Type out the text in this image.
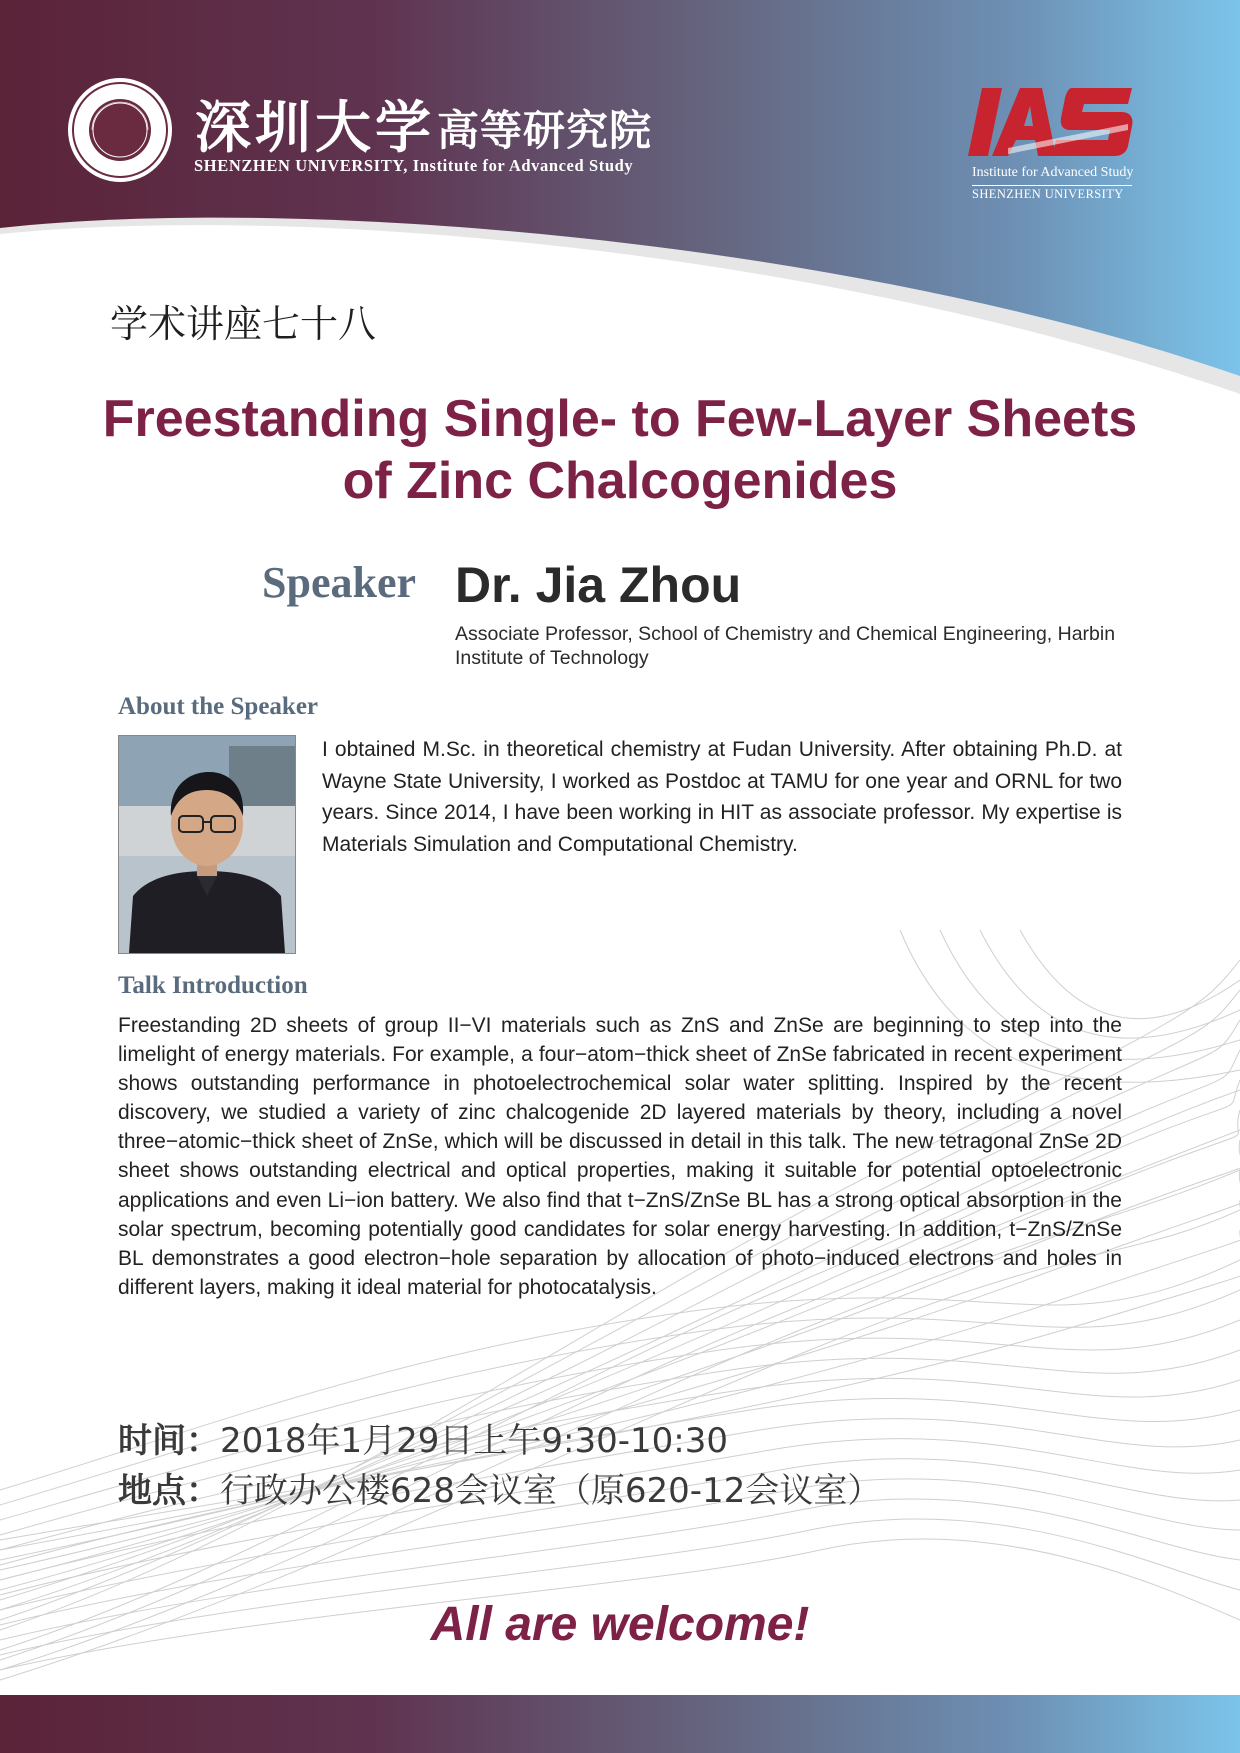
深圳大学 高等研究院
SHENZHEN UNIVERSITY, Institute for Advanced Study	Institute for Advanced Study
SHENZHEN UNIVERSITY
学术讲座七十八
Freestanding Single- to Few-Layer Sheets of Zinc Chalcogenides
Speaker Dr. Jia Zhou
Associate Professor, School of Chemistry and Chemical Engineering, Harbin Institute of Technology
About the Speaker
I obtained M.Sc. in theoretical chemistry at Fudan University. After obtaining Ph.D. at Wayne State University, I worked as Postdoc at TAMU for one year and ORNL for two years. Since 2014, I have been working in HIT as associate professor. My expertise is Materials Simulation and Computational Chemistry.
Talk Introduction
Freestanding 2D sheets of group II−VI materials such as ZnS and ZnSe are beginning to step into the limelight of energy materials. For example, a four−atom−thick sheet of ZnSe fabricated in recent experiment shows outstanding performance in photoelectrochemical solar water splitting. Inspired by the recent discovery, we studied a variety of zinc chalcogenide 2D layered materials by theory, including a novel three−atomic−thick sheet of ZnSe, which will be discussed in detail in this talk. The new tetragonal ZnSe 2D sheet shows outstanding electrical and optical properties, making it suitable for potential optoelectronic applications and even Li−ion battery. We also find that t−ZnS/ZnSe BL has a strong optical absorption in the solar spectrum, becoming potentially good candidates for solar energy harvesting. In addition, t−ZnS/ZnSe BL demonstrates a good electron−hole separation by allocation of photo−induced electrons and holes in different layers, making it ideal material for photocatalysis.
时间：2018年1月29日上午9:30-10:30
地点：行政办公楼628会议室（原620-12会议室）
All are welcome!
